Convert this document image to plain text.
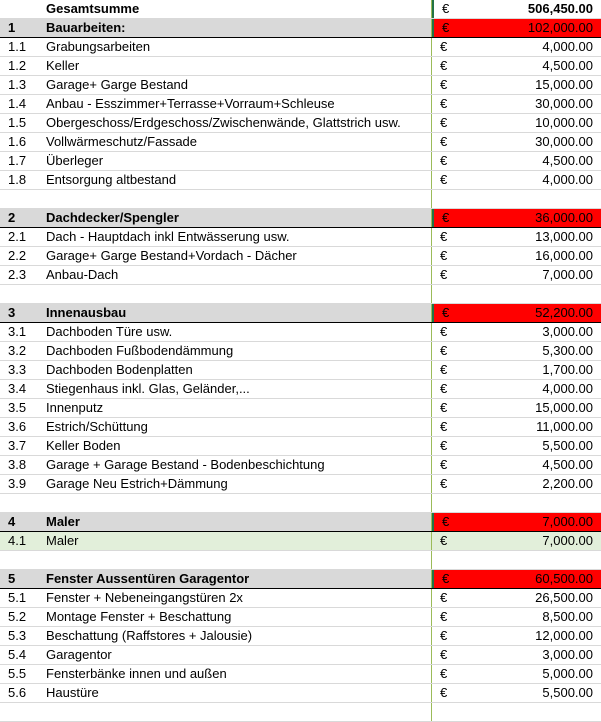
Gesamtsumme	€	506,450.00
1	Bauarbeiten:	€	102,000.00
1.1	Grabungsarbeiten	€	4,000.00
1.2	Keller	€	4,500.00
1.3	Garage+ Garge Bestand	€	15,000.00
1.4	Anbau - Esszimmer+Terrasse+Vorraum+Schleuse	€	30,000.00
1.5	Obergeschoss/Erdgeschoss/Zwischenwände, Glattstrich usw.	€	10,000.00
1.6	Vollwärmeschutz/Fassade	€	30,000.00
1.7	Überleger	€	4,500.00
1.8	Entsorgung altbestand	€	4,000.00
2	Dachdecker/Spengler	€	36,000.00
2.1	Dach - Hauptdach inkl Entwässerung usw.	€	13,000.00
2.2	Garage+ Garge Bestand+Vordach - Dächer	€	16,000.00
2.3	Anbau-Dach	€	7,000.00
3	Innenausbau	€	52,200.00
3.1	Dachboden Türe usw.	€	3,000.00
3.2	Dachboden Fußbodendämmung	€	5,300.00
3.3	Dachboden Bodenplatten	€	1,700.00
3.4	Stiegenhaus inkl. Glas, Geländer,...	€	4,000.00
3.5	Innenputz	€	15,000.00
3.6	Estrich/Schüttung	€	11,000.00
3.7	Keller Boden	€	5,500.00
3.8	Garage + Garage Bestand - Bodenbeschichtung	€	4,500.00
3.9	Garage Neu Estrich+Dämmung	€	2,200.00
4	Maler	€	7,000.00
4.1	Maler	€	7,000.00
5	Fenster Aussentüren Garagentor	€	60,500.00
5.1	Fenster + Nebeneingangstüren 2x	€	26,500.00
5.2	Montage Fenster + Beschattung	€	8,500.00
5.3	Beschattung (Raffstores + Jalousie)	€	12,000.00
5.4	Garagentor	€	3,000.00
5.5	Fensterbänke innen und außen	€	5,000.00
5.6	Haustüre	€	5,500.00
